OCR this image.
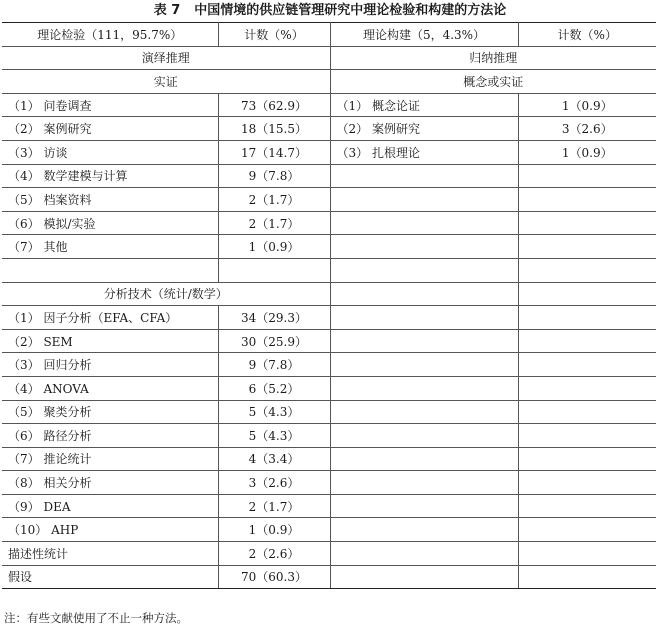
表 7 中国情境的供应链管理研究中理论检验和构建的方法论
理论检验（111，95.7%）	计数（%）	理论构建（5，4.3%）	计数（%）
演绎推理		归纳推理	
实证		概念或实证	
（1） 问卷调查	73（62.9）	（1） 概念论证	1（0.9）
（2） 案例研究	18（15.5）	（2） 案例研究	3（2.6）
（3） 访谈	17（14.7）	（3） 扎根理论	1（0.9）
（4） 数学建模与计算	9（7.8）		
（5） 档案资料	2（1.7）		
（6） 模拟/实验	2（1.7）		
（7） 其他	1（0.9）		

分析技术（统计/数学）			
（1） 因子分析（EFA、CFA）	34（29.3）		
（2） SEM	30（25.9）		
（3） 回归分析	9（7.8）		
（4） ANOVA	6（5.2）		
（5） 聚类分析	5（4.3）		
（6） 路径分析	5（4.3）		
（7） 推论统计	4（3.4）		
（8） 相关分析	3（2.6）		
（9） DEA	2（1.7）		
（10） AHP	1（0.9）		
描述性统计	2（2.6）		
假设	70（60.3）		
注：有些文献使用了不止一种方法。
